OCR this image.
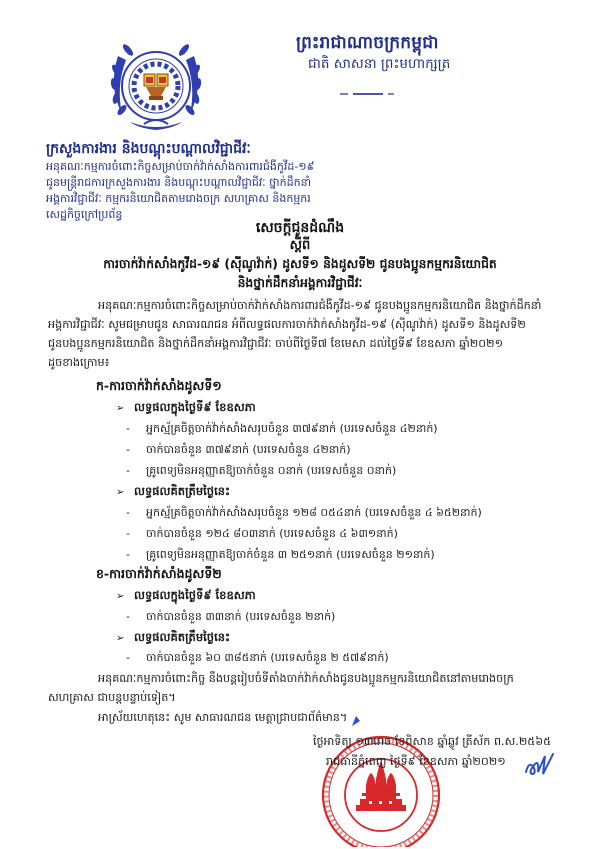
ព្រះរាជាណាចក្រកម្ពុជា
ជាតិ សាសនា ព្រះមហាក្សត្រ

ក្រសួងការងារ និងបណ្តុះបណ្តាលវិជ្ជាជីវៈ
អនុគណៈកម្មការចំពោះកិច្ចសម្រាប់ចាក់វ៉ាក់សាំងការពារជំងឺកូវីដ-១៩
ជូនមន្ត្រីរាជការក្រសួងការងារ និងបណ្តុះបណ្តាលវិជ្ជាជីវៈ ថ្នាក់ដឹកនាំ
អង្គការវិជ្ជាជីវៈ កម្មករនិយោជិតតាមរោងចក្រ សហគ្រាស និងកម្មករ
សេដ្ឋកិច្ចក្រៅប្រព័ន្ធ
សេចក្តីជូនដំណឹង
ស្តីពី
ការចាក់វ៉ាក់សាំងកូវីដ-១៩ (ស៊ីណូវ៉ាក់) ដូសទី១ និងដូសទី២ ជូនបងប្អូនកម្មករនិយោជិត
និងថ្នាក់ដឹកនាំអង្គការវិជ្ជាជីវៈ
អនុគណៈកម្មការចំពោះកិច្ចសម្រាប់ចាក់វ៉ាក់សាំងការពារជំងឺកូវីដ-១៩ ជូនបងប្អូនកម្មករនិយោជិត និងថ្នាក់ដឹកនាំ
អង្គការវិជ្ជាជីវៈ សូមជម្រាបជូន សាធារណជន អំពីលទ្ធផលការចាក់វ៉ាក់សាំងកូវីដ-១៩ (ស៊ីណូវ៉ាក់) ដូសទី១ និងដូសទី២
ជូនបងប្អូនកម្មករនិយោជិត និងថ្នាក់ដឹកនាំអង្គការវិជ្ជាជីវៈ ចាប់ពីថ្ងៃទី៧ ខែមេសា ដល់ថ្ងៃទី៩ ខែឧសភា ឆ្នាំ២០២១
ដូចខាងក្រោម៖
ក-ការចាក់វ៉ាក់សាំងដូសទី១
➢ លទ្ធផលក្នុងថ្ងៃទី៩ ខែឧសភា
- អ្នកស្ម័គ្រចិត្តចាក់វ៉ាក់សាំងសរុបចំនួន ៣៧៩នាក់ (បរទេសចំនួន ៤២នាក់)
- ចាក់បានចំនួន ៣៧៩នាក់ (បរទេសចំនួន ៤២នាក់)
- គ្រូពេទ្យមិនអនុញ្ញាតឱ្យចាក់ចំនួន ០នាក់ (បរទេសចំនួន ០នាក់)
➢ លទ្ធផលគិតត្រឹមថ្ងៃនេះ
- អ្នកស្ម័គ្រចិត្តចាក់វ៉ាក់សាំងសរុបចំនួន ១២៨ ០៥៤នាក់ (បរទេសចំនួន ៤ ៦៥២នាក់)
- ចាក់បានចំនួន ១២៤ ៨០៣នាក់ (បរទេសចំនួន ៤ ៦៣១នាក់)
- គ្រូពេទ្យមិនអនុញ្ញាតឱ្យចាក់ចំនួន ៣ ២៥១នាក់ (បរទេសចំនួន ២១នាក់)
ខ-ការចាក់វ៉ាក់សាំងដូសទី២
➢ លទ្ធផលក្នុងថ្ងៃទី៩ ខែឧសភា
- ចាក់បានចំនួន ៣៣នាក់ (បរទេសចំនួន ២នាក់)
➢ លទ្ធផលគិតត្រឹមថ្ងៃនេះ
- ចាក់បានចំនួន ៦០ ៣៨៥នាក់ (បរទេសចំនួន ២ ៥៧៩នាក់)
អនុគណៈកម្មការចំពោះកិច្ច នឹងបន្តរៀបចំទីតាំងចាក់វ៉ាក់សាំងជូនបងប្អូនកម្មករនិយោជិតនៅតាមរោងចក្រ
សហគ្រាស ជាបន្តបន្ទាប់ទៀត។
អាស្រ័យហេតុនេះ សូម សាធារណជន មេត្តាជ្រាបជាព័ត៌មាន។
ថ្ងៃអាទិត្យ ១៣រោច ខែពិសាខ ឆ្នាំឆ្លូវ ត្រីស័ក ព.ស.២៥៦៥
រាជធានីភ្នំពេញ ថ្ងៃទី៩ ខែឧសភា ឆ្នាំ២០២១
